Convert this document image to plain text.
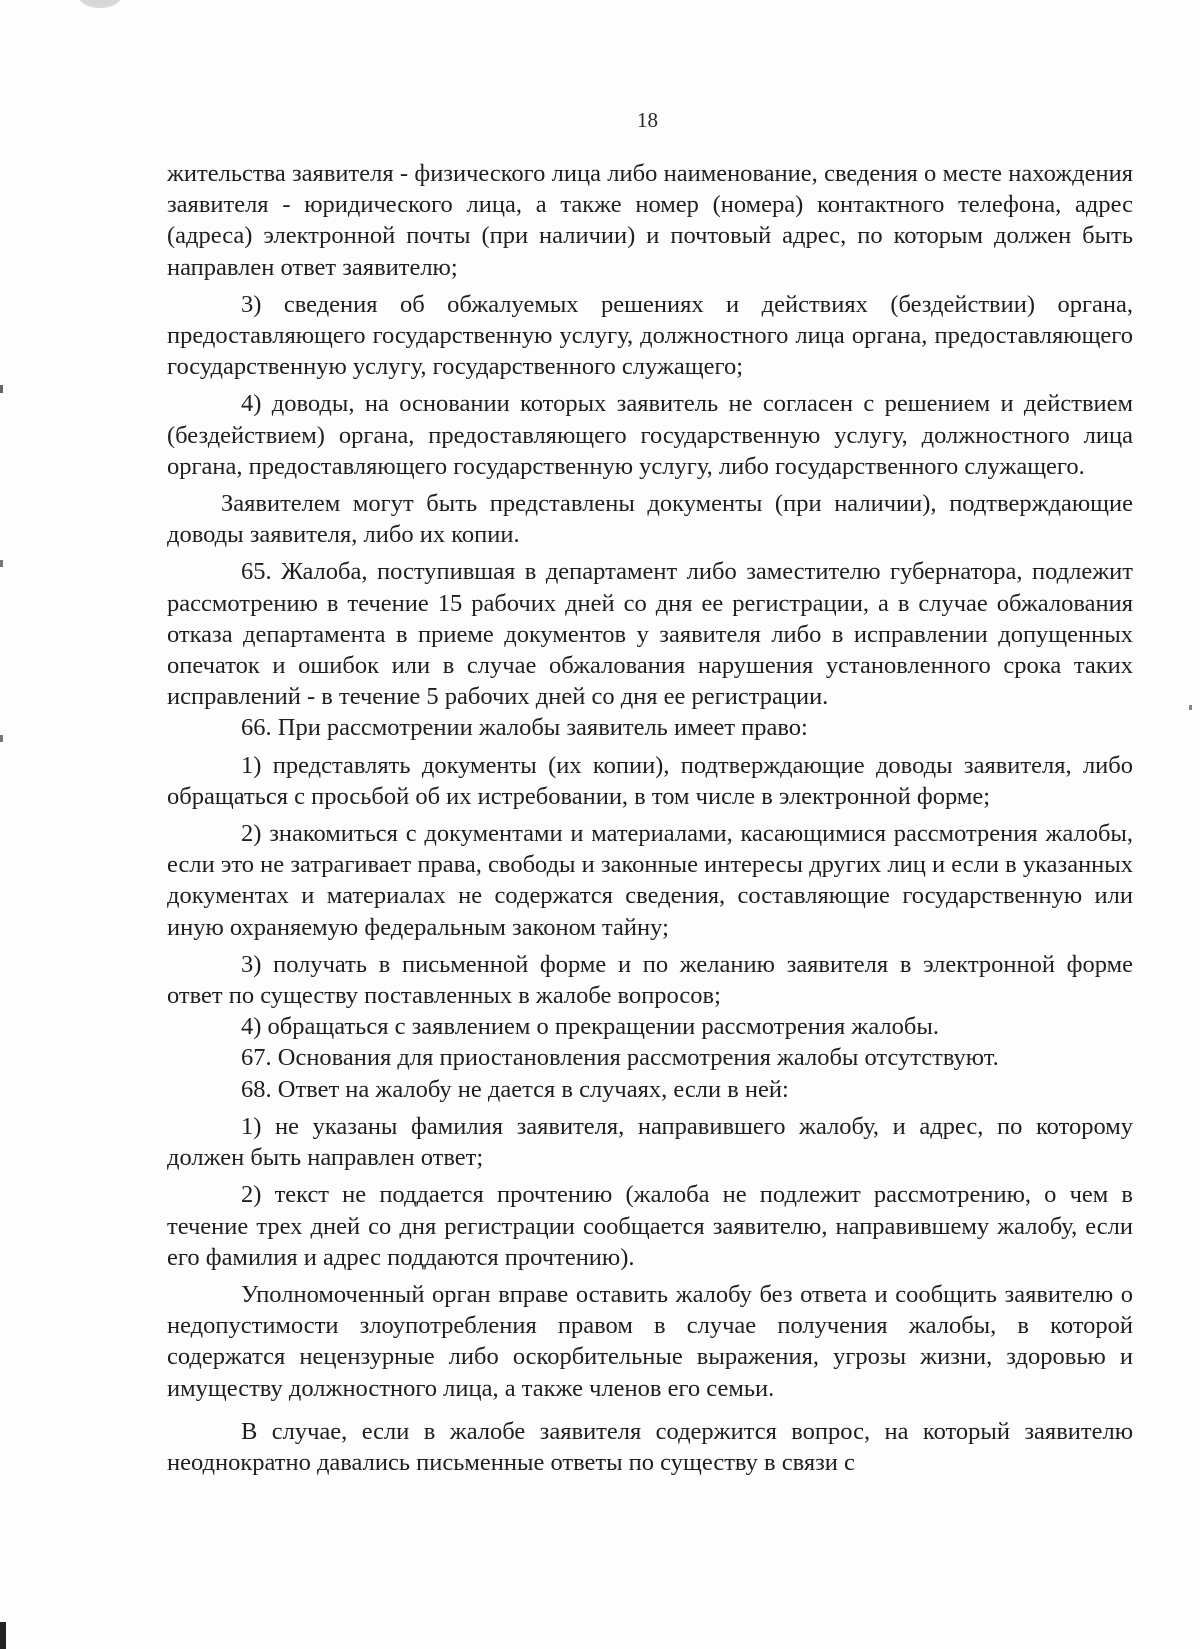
18

жительства заявителя - физического лица либо наименование, сведения о месте нахождения заявителя - юридического лица, а также номер (номера) контактного телефона, адрес (адреса) электронной почты (при наличии) и почтовый адрес, по которым должен быть направлен ответ заявителю;

3) сведения об обжалуемых решениях и действиях (бездействии) органа, предоставляющего государственную услугу, должностного лица органа, предоставляющего государственную услугу, государственного служащего;

4) доводы, на основании которых заявитель не согласен с решением и действием (бездействием) органа, предоставляющего государственную услугу, должностного лица органа, предоставляющего государственную услугу, либо государственного служащего.

Заявителем могут быть представлены документы (при наличии), подтверждающие доводы заявителя, либо их копии.

65. Жалоба, поступившая в департамент либо заместителю губернатора, подлежит рассмотрению в течение 15 рабочих дней со дня ее регистрации, а в случае обжалования отказа департамента в приеме документов у заявителя либо в исправлении допущенных опечаток и ошибок или в случае обжалования нарушения установленного срока таких исправлений - в течение 5 рабочих дней со дня ее регистрации.

66. При рассмотрении жалобы заявитель имеет право:

1) представлять документы (их копии), подтверждающие доводы заявителя, либо обращаться с просьбой об их истребовании, в том числе в электронной форме;

2) знакомиться с документами и материалами, касающимися рассмотрения жалобы, если это не затрагивает права, свободы и законные интересы других лиц и если в указанных документах и материалах не содержатся сведения, составляющие государственную или иную охраняемую федеральным законом тайну;

3) получать в письменной форме и по желанию заявителя в электронной форме ответ по существу поставленных в жалобе вопросов;

4) обращаться с заявлением о прекращении рассмотрения жалобы.

67. Основания для приостановления рассмотрения жалобы отсутствуют.

68. Ответ на жалобу не дается в случаях, если в ней:

1) не указаны фамилия заявителя, направившего жалобу, и адрес, по которому должен быть направлен ответ;

2) текст не поддается прочтению (жалоба не подлежит рассмотрению, о чем в течение трех дней со дня регистрации сообщается заявителю, направившему жалобу, если его фамилия и адрес поддаются прочтению).

Уполномоченный орган вправе оставить жалобу без ответа и сообщить заявителю о недопустимости злоупотребления правом в случае получения жалобы, в которой содержатся нецензурные либо оскорбительные выражения, угрозы жизни, здоровью и имуществу должностного лица, а также членов его семьи.

В случае, если в жалобе заявителя содержится вопрос, на который заявителю неоднократно давались письменные ответы по существу в связи с
